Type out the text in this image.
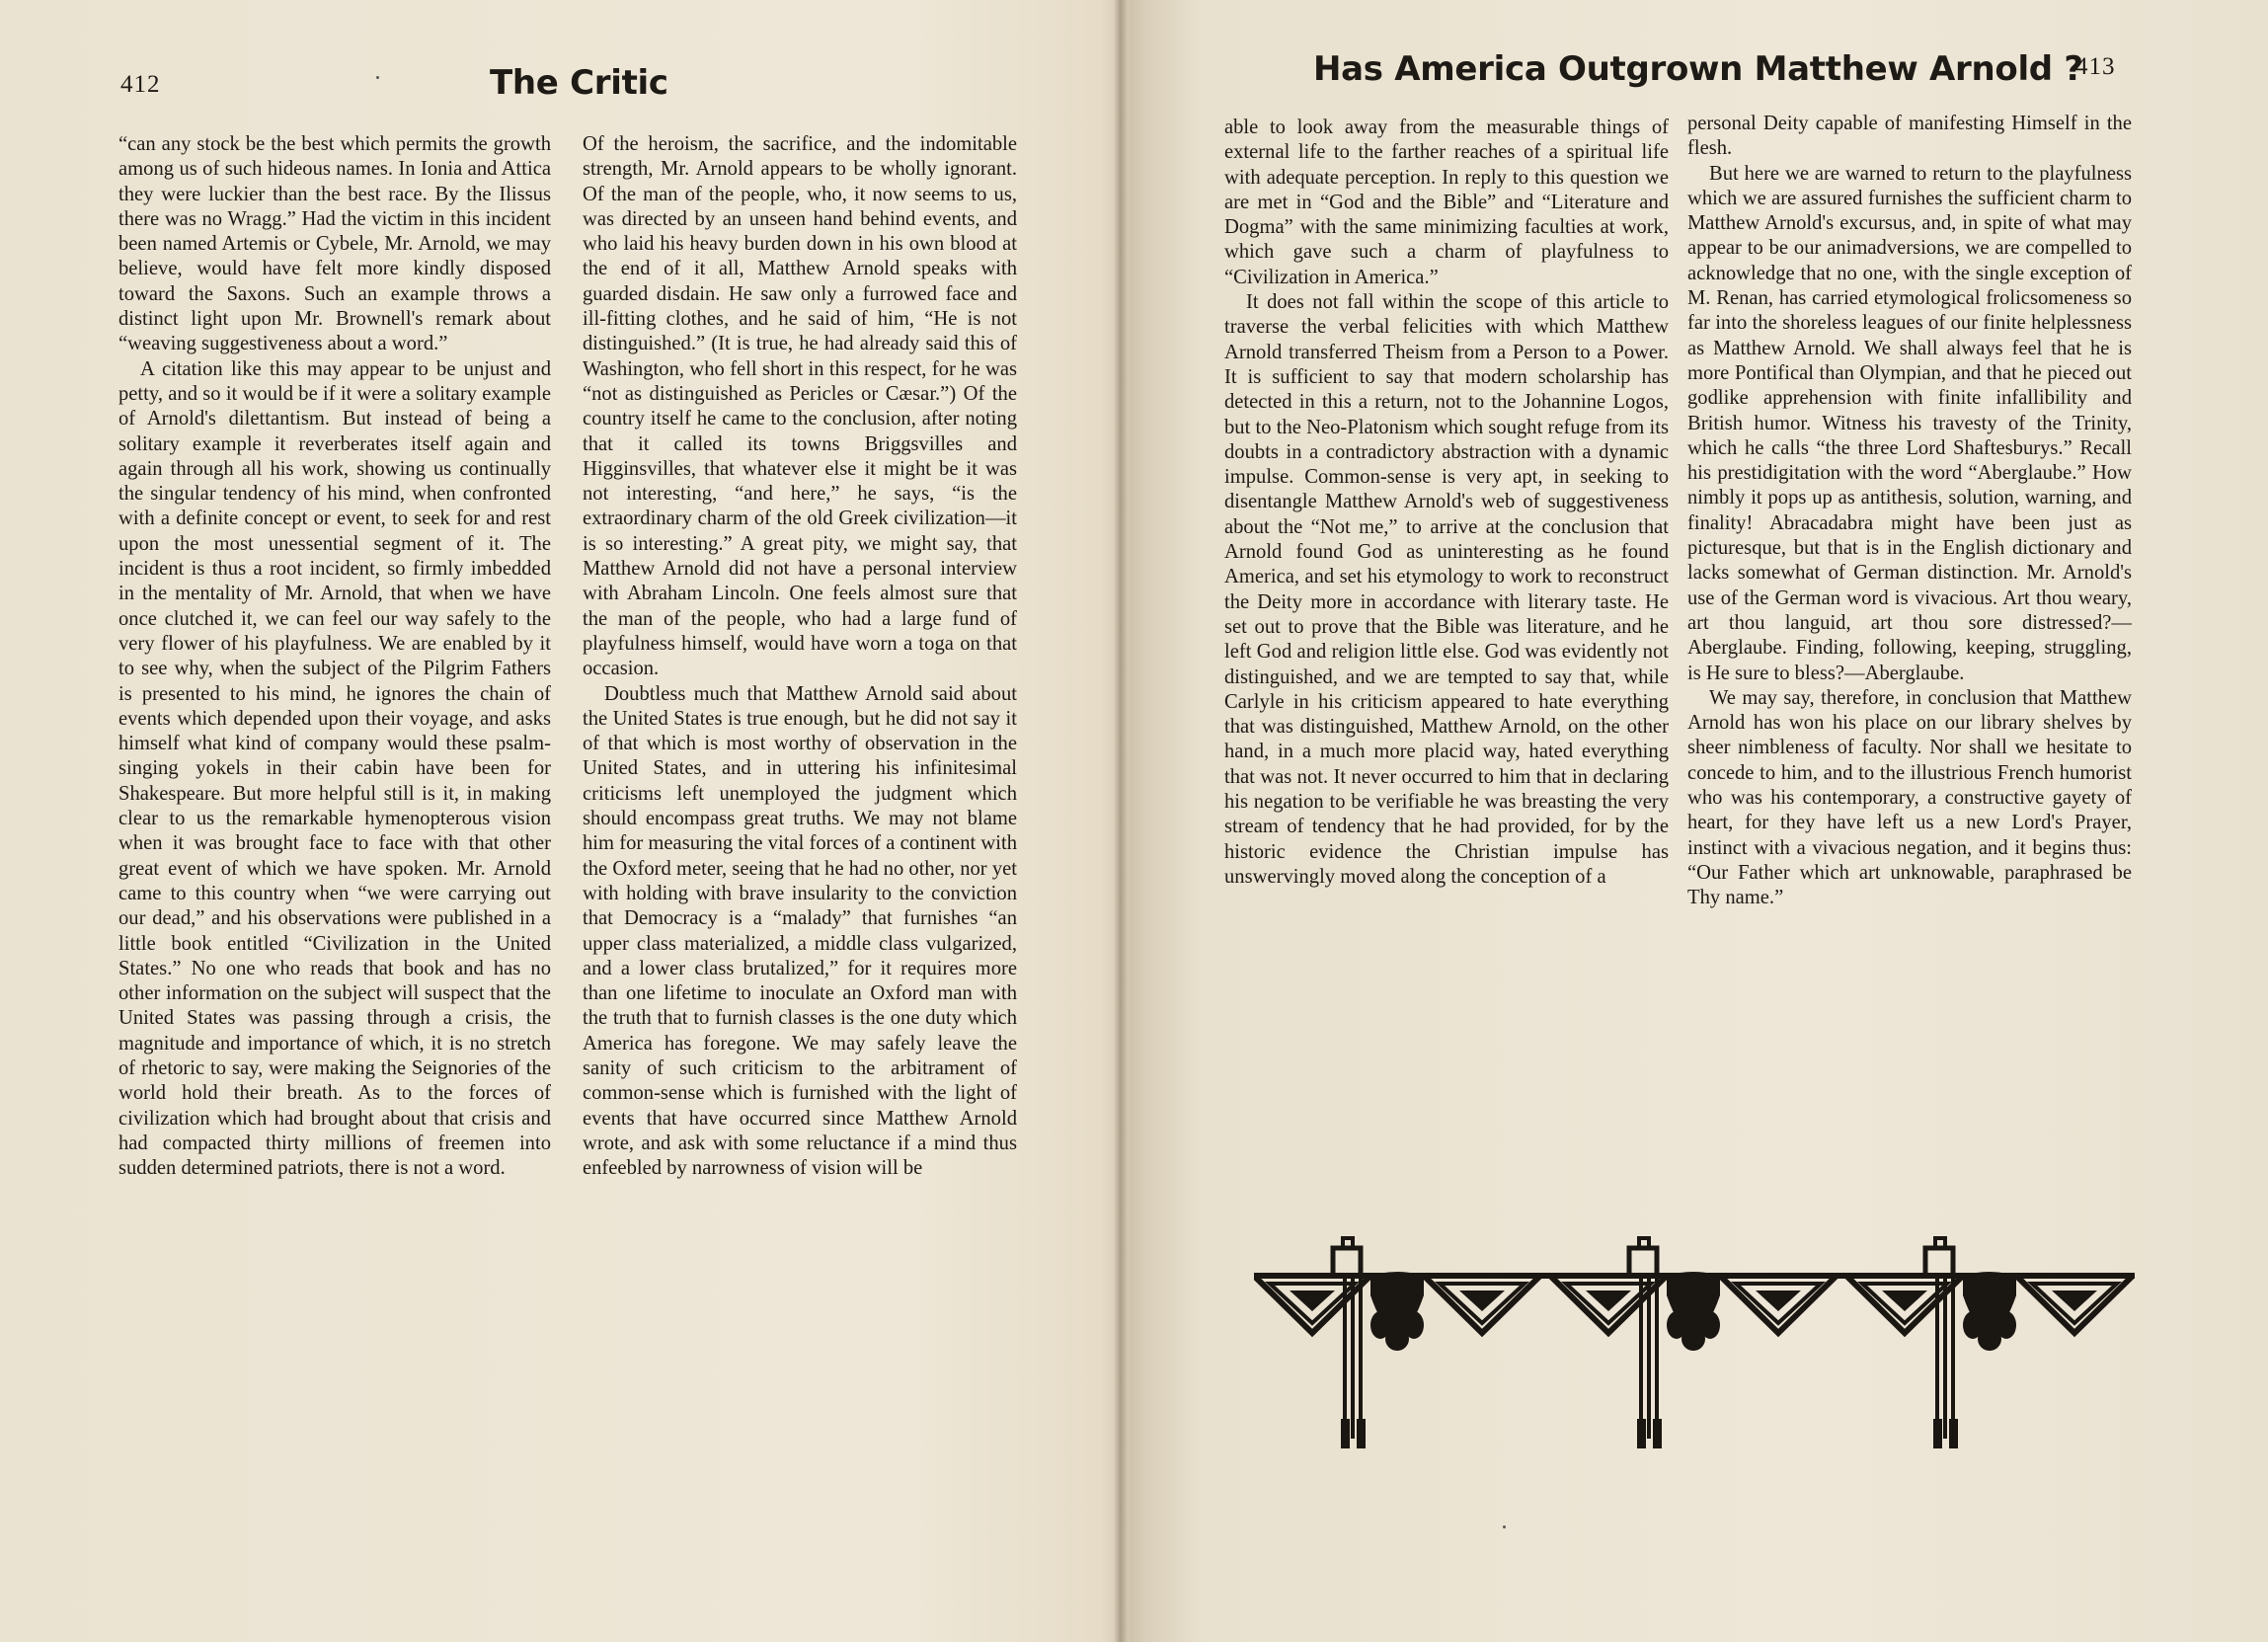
412	The Critic

“can any stock be the best which permits the growth among us of such hideous names. In Ionia and Attica they were luckier than the best race. By the Ilissus there was no Wragg.” Had the victim in this incident been named Artemis or Cybele, Mr. Arnold, we may believe, would have felt more kindly disposed toward the Saxons. Such an example throws a distinct light upon Mr. Brownell's remark about “weaving suggestiveness about a word.”

A citation like this may appear to be unjust and petty, and so it would be if it were a solitary example of Arnold's dilettantism. But instead of being a solitary example it reverberates itself again and again through all his work, showing us continually the singular tendency of his mind, when confronted with a definite concept or event, to seek for and rest upon the most unessential segment of it. The incident is thus a root incident, so firmly imbedded in the mentality of Mr. Arnold, that when we have once clutched it, we can feel our way safely to the very flower of his playfulness. We are enabled by it to see why, when the subject of the Pilgrim Fathers is presented to his mind, he ignores the chain of events which depended upon their voyage, and asks himself what kind of company would these psalm-singing yokels in their cabin have been for Shakespeare. But more helpful still is it, in making clear to us the remarkable hymenopterous vision when it was brought face to face with that other great event of which we have spoken. Mr. Arnold came to this country when “we were carrying out our dead,” and his observations were published in a little book entitled “Civilization in the United States.” No one who reads that book and has no other information on the subject will suspect that the United States was passing through a crisis, the magnitude and importance of which, it is no stretch of rhetoric to say, were making the Seignories of the world hold their breath. As to the forces of civilization which had brought about that crisis and had compacted thirty millions of freemen into sudden determined patriots, there is not a word.

Of the heroism, the sacrifice, and the indomitable strength, Mr. Arnold appears to be wholly ignorant. Of the man of the people, who, it now seems to us, was directed by an unseen hand behind events, and who laid his heavy burden down in his own blood at the end of it all, Matthew Arnold speaks with guarded disdain. He saw only a furrowed face and ill-fitting clothes, and he said of him, “He is not distinguished.” (It is true, he had already said this of Washington, who fell short in this respect, for he was “not as distinguished as Pericles or Cæsar.”) Of the country itself he came to the conclusion, after noting that it called its towns Briggsvilles and Higginsvilles, that whatever else it might be it was not interesting, “and here,” he says, “is the extraordinary charm of the old Greek civilization—it is so interesting.” A great pity, we might say, that Matthew Arnold did not have a personal interview with Abraham Lincoln. One feels almost sure that the man of the people, who had a large fund of playfulness himself, would have worn a toga on that occasion.

Doubtless much that Matthew Arnold said about the United States is true enough, but he did not say it of that which is most worthy of observation in the United States, and in uttering his infinitesimal criticisms left unemployed the judgment which should encompass great truths. We may not blame him for measuring the vital forces of a continent with the Oxford meter, seeing that he had no other, nor yet with holding with brave insularity to the conviction that Democracy is a “malady” that furnishes “an upper class materialized, a middle class vulgarized, and a lower class brutalized,” for it requires more than one lifetime to inoculate an Oxford man with the truth that to furnish classes is the one duty which America has foregone. We may safely leave the sanity of such criticism to the arbitrament of common-sense which is furnished with the light of events that have occurred since Matthew Arnold wrote, and ask with some reluctance if a mind thus enfeebled by narrowness of vision will be

Has America Outgrown Matthew Arnold ?
413

able to look away from the measurable things of external life to the farther reaches of a spiritual life with adequate perception. In reply to this question we are met in “God and the Bible” and “Literature and Dogma” with the same minimizing faculties at work, which gave such a charm of playfulness to “Civilization in America.”

It does not fall within the scope of this article to traverse the verbal felicities with which Matthew Arnold transferred Theism from a Person to a Power. It is sufficient to say that modern scholarship has detected in this a return, not to the Johannine Logos, but to the Neo-Platonism which sought refuge from its doubts in a contradictory abstraction with a dynamic impulse. Common-sense is very apt, in seeking to disentangle Matthew Arnold's web of suggestiveness about the “Not me,” to arrive at the conclusion that Arnold found God as uninteresting as he found America, and set his etymology to work to reconstruct the Deity more in accordance with literary taste. He set out to prove that the Bible was literature, and he left God and religion little else. God was evidently not distinguished, and we are tempted to say that, while Carlyle in his criticism appeared to hate everything that was distinguished, Matthew Arnold, on the other hand, in a much more placid way, hated everything that was not. It never occurred to him that in declaring his negation to be verifiable he was breasting the very stream of tendency that he had provided, for by the historic evidence the Christian impulse has unswervingly moved along the conception of a

personal Deity capable of manifesting Himself in the flesh.

But here we are warned to return to the playfulness which we are assured furnishes the sufficient charm to Matthew Arnold's excursus, and, in spite of what may appear to be our animadversions, we are compelled to acknowledge that no one, with the single exception of M. Renan, has carried etymological frolicsomeness so far into the shoreless leagues of our finite helplessness as Matthew Arnold. We shall always feel that he is more Pontifical than Olympian, and that he pieced out godlike apprehension with finite infallibility and British humor. Witness his travesty of the Trinity, which he calls “the three Lord Shaftesburys.” Recall his prestidigitation with the word “Aberglaube.” How nimbly it pops up as antithesis, solution, warning, and finality! Abracadabra might have been just as picturesque, but that is in the English dictionary and lacks somewhat of German distinction. Mr. Arnold's use of the German word is vivacious. Art thou weary, art thou languid, art thou sore distressed?—Aberglaube. Finding, following, keeping, struggling, is He sure to bless?—Aberglaube.

We may say, therefore, in conclusion that Matthew Arnold has won his place on our library shelves by sheer nimbleness of faculty. Nor shall we hesitate to concede to him, and to the illustrious French humorist who was his contemporary, a constructive gayety of heart, for they have left us a new Lord's Prayer, instinct with a vivacious negation, and it begins thus: “Our Father which art unknowable, paraphrased be Thy name.”
